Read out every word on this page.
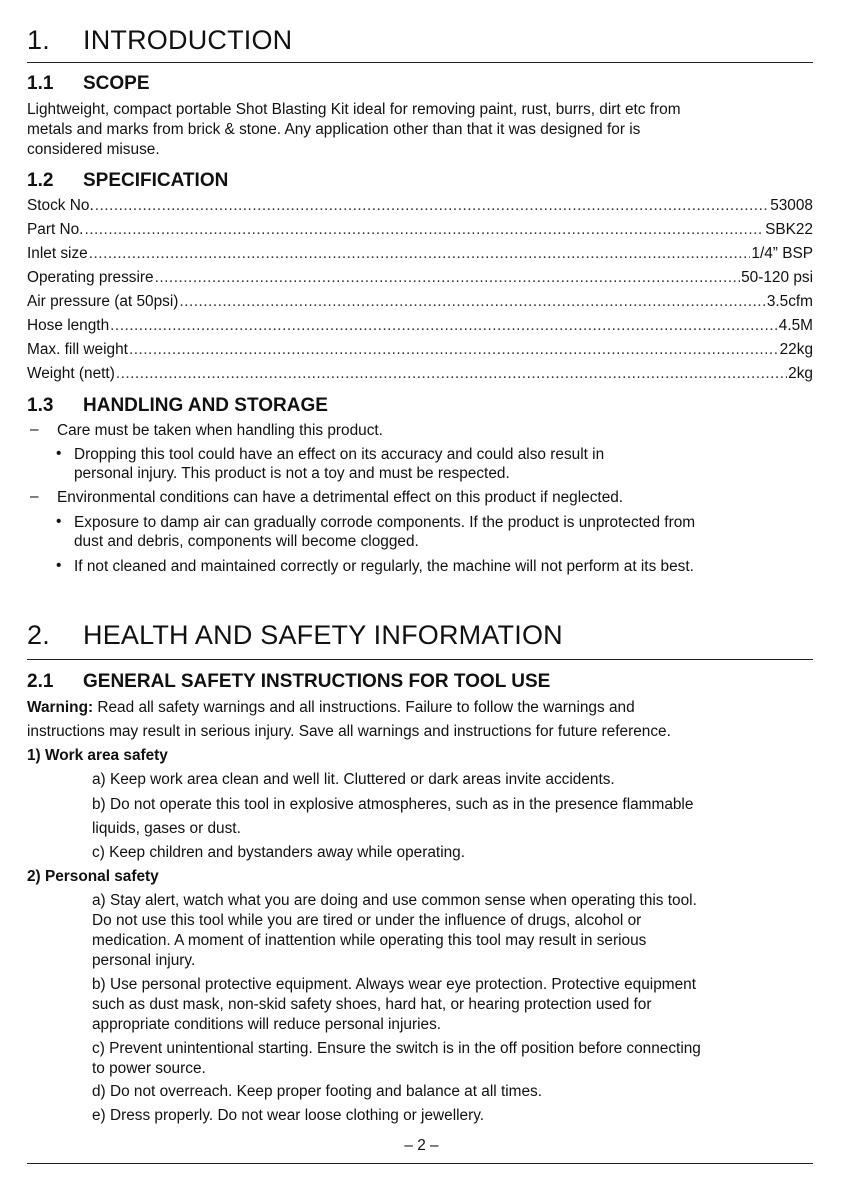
1. INTRODUCTION
1.1 SCOPE
Lightweight, compact portable Shot Blasting Kit ideal for removing paint, rust, burrs, dirt etc from
metals and marks from brick & stone. Any application other than that it was designed for is
considered misuse.
1.2 SPECIFICATION
Stock No. .....	53008
Part No. .....	SBK22
Inlet size .....	1/4” BSP
Operating pressire .....	50-120 psi
Air pressure (at 50psi) .....	3.5cfm
Hose length .....	4.5M
Max. fill weight .....	22kg
Weight (nett) .....	2kg
1.3 HANDLING AND STORAGE
– Care must be taken when handling this product.
• Dropping this tool could have an effect on its accuracy and could also result in
personal injury. This product is not a toy and must be respected.
– Environmental conditions can have a detrimental effect on this product if neglected.
• Exposure to damp air can gradually corrode components. If the product is unprotected from
dust and debris, components will become clogged.
• If not cleaned and maintained correctly or regularly, the machine will not perform at its best.
2. HEALTH AND SAFETY INFORMATION
2.1 GENERAL SAFETY INSTRUCTIONS FOR TOOL USE
Warning: Read all safety warnings and all instructions. Failure to follow the warnings and
instructions may result in serious injury. Save all warnings and instructions for future reference.
1) Work area safety
a) Keep work area clean and well lit. Cluttered or dark areas invite accidents.
b) Do not operate this tool in explosive atmospheres, such as in the presence flammable
liquids, gases or dust.
c) Keep children and bystanders away while operating.
2) Personal safety
a) Stay alert, watch what you are doing and use common sense when operating this tool.
Do not use this tool while you are tired or under the influence of drugs, alcohol or
medication. A moment of inattention while operating this tool may result in serious
personal injury.
b) Use personal protective equipment. Always wear eye protection. Protective equipment
such as dust mask, non-skid safety shoes, hard hat, or hearing protection used for
appropriate conditions will reduce personal injuries.
c) Prevent unintentional starting. Ensure the switch is in the off position before connecting
to power source.
d) Do not overreach. Keep proper footing and balance at all times.
e) Dress properly. Do not wear loose clothing or jewellery.
– 2 –
